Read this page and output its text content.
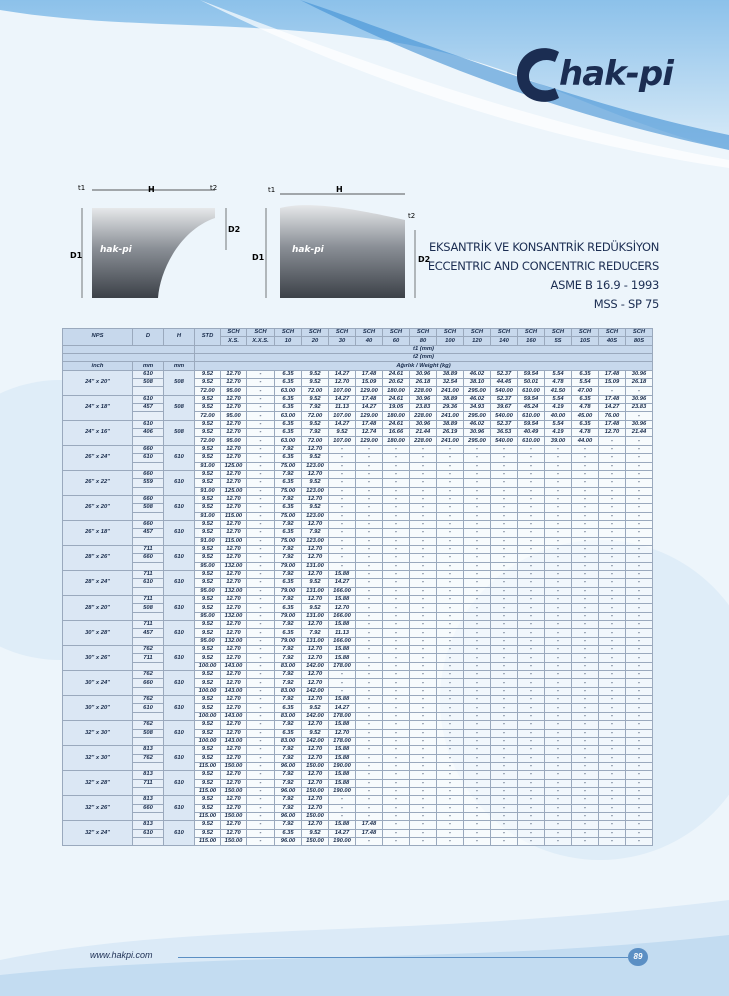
hak-pi
H
t1	t2
D1
D2
hak-pi
H
t1
t2
D1	D2
hak-pi	EKSANTRİK VE KONSANTRİK REDÜKSİYON
ECCENTRIC AND CONCENTRIC REDUCERS
ASME B 16.9 - 1993
MSS - SP 75
NPS	D	H	STD	SCH	SCH	SCH	SCH	SCH	SCH	SCH	SCH	SCH	SCH	SCH	SCH	SCH	SCH	SCH	SCH
				X.S.	X.X.S.	10	20	30	40	60	80	100	120	140	160	5S	10S	40S	80S
			t1 (mm)																
			t2 (mm)																
inch	mm	mm	Ağırlık / Weight (kg)																
24" x 20"	610	508	9.52	12.70	-	6.35	9.52	14.27	17.48	24.61	30.96	38.89	46.02	52.37	59.54	5.54	6.35	17.48	30.96
	508		9.52	12.70	-	6.35	9.52	12.70	15.09	20.62	26.18	32.54	38.10	44.45	50.01	4.78	5.54	15.09	26.18
			72.00	95.00	-	63.00	72.00	107.00	129.00	180.00	228.00	241.00	295.00	540.00	610.00	41.50	47.00	-	-
24" x 18"	610	508	9.52	12.70	-	6.35	9.52	14.27	17.48	24.61	30.96	38.89	46.02	52.37	59.54	5.54	6.35	17.48	30.96
	457		9.52	12.70	-	6.35	7.92	11.13	14.27	19.05	23.83	29.36	34.93	39.67	45.24	4.19	4.78	14.27	23.83
			72.00	95.00	-	63.00	72.00	107.00	129.00	180.00	228.00	241.00	295.00	540.00	610.00	40.00	45.00	76.00	-
24" x 16"	610	508	9.52	12.70	-	6.35	9.52	14.27	17.48	24.61	30.96	38.89	46.02	52.37	59.54	5.54	6.35	17.48	30.96
	406		9.52	12.70	-	6.35	7.92	9.52	12.74	16.66	21.44	26.19	30.96	36.53	40.49	4.19	4.78	12.70	21.44
			72.00	95.00	-	63.00	72.00	107.00	129.00	180.00	228.00	241.00	295.00	540.00	610.00	39.00	44.00	-	-
26" x 24"	660	610	9.52	12.70	-	7.92	12.70	-	-	-	-	-	-	-	-	-	-	-	-
	610		9.52	12.70	-	6.35	9.52	-	-	-	-	-	-	-	-	-	-	-	-
			91.00	125.00	-	75.00	123.00	-	-	-	-	-	-	-	-	-	-	-	-
26" x 22"	660	610	9.52	12.70	-	7.92	12.70	-	-	-	-	-	-	-	-	-	-	-	-
	559		9.52	12.70	-	6.35	9.52	-	-	-	-	-	-	-	-	-	-	-	-
			91.00	125.00	-	75.00	123.00	-	-	-	-	-	-	-	-	-	-	-	-
26" x 20"	660	610	9.52	12.70	-	7.92	12.70	-	-	-	-	-	-	-	-	-	-	-	-
	508		9.52	12.70	-	6.35	9.52	-	-	-	-	-	-	-	-	-	-	-	-
			91.00	115.00	-	75.00	123.00	-	-	-	-	-	-	-	-	-	-	-	-
26" x 18"	660	610	9.52	12.70	-	7.92	12.70	-	-	-	-	-	-	-	-	-	-	-	-
	457		9.52	12.70	-	6.35	7.92	-	-	-	-	-	-	-	-	-	-	-	-
			91.00	115.00	-	75.00	123.00	-	-	-	-	-	-	-	-	-	-	-	-
28" x 26"	711	610	9.52	12.70	-	7.92	12.70	-	-	-	-	-	-	-	-	-	-	-	-
	660		9.52	12.70	-	7.92	12.70	-	-	-	-	-	-	-	-	-	-	-	-
			95.00	132.00	-	79.00	131.00	-	-	-	-	-	-	-	-	-	-	-	-
28" x 24"	711	610	9.52	12.70	-	7.92	12.70	15.88	-	-	-	-	-	-	-	-	-	-	-
	610		9.52	12.70	-	6.35	9.52	14.27	-	-	-	-	-	-	-	-	-	-	-
			95.00	132.00	-	79.00	131.00	166.00	-	-	-	-	-	-	-	-	-	-	-
28" x 20"	711	610	9.52	12.70	-	7.92	12.70	15.88	-	-	-	-	-	-	-	-	-	-	-
	508		9.52	12.70	-	6.35	9.52	12.70	-	-	-	-	-	-	-	-	-	-	-
			95.00	132.00	-	79.00	131.00	166.00	-	-	-	-	-	-	-	-	-	-	-
30" x 28"	711	610	9.52	12.70	-	7.92	12.70	15.88	-	-	-	-	-	-	-	-	-	-	-
	457		9.52	12.70	-	6.35	7.92	11.13	-	-	-	-	-	-	-	-	-	-	-
			95.00	132.00	-	79.00	131.00	166.00	-	-	-	-	-	-	-	-	-	-	-
30" x 26"	762	610	9.52	12.70	-	7.92	12.70	15.88	-	-	-	-	-	-	-	-	-	-	-
	711		9.52	12.70	-	7.92	12.70	15.88	-	-	-	-	-	-	-	-	-	-	-
			100.00	143.00	-	83.00	142.00	178.00	-	-	-	-	-	-	-	-	-	-	-
30" x 24"	762	610	9.52	12.70	-	7.92	12.70	-	-	-	-	-	-	-	-	-	-	-	-
	660		9.52	12.70	-	7.92	12.70	-	-	-	-	-	-	-	-	-	-	-	-
			100.00	143.00	-	83.00	142.00	-	-	-	-	-	-	-	-	-	-	-	-
30" x 20"	762	610	9.52	12.70	-	7.92	12.70	15.88	-	-	-	-	-	-	-	-	-	-	-
	610		9.52	12.70	-	6.35	9.52	14.27	-	-	-	-	-	-	-	-	-	-	-
			100.00	143.00	-	83.00	142.00	178.00	-	-	-	-	-	-	-	-	-	-	-
32" x 30"	762	610	9.52	12.70	-	7.92	12.70	15.88	-	-	-	-	-	-	-	-	-	-	-
	508		9.52	12.70	-	6.35	9.52	12.70	-	-	-	-	-	-	-	-	-	-	-
			100.00	143.00	-	83.00	142.00	178.00	-	-	-	-	-	-	-	-	-	-	-
32" x 30"	813	610	9.52	12.70	-	7.92	12.70	15.88	-	-	-	-	-	-	-	-	-	-	-
	762		9.52	12.70	-	7.92	12.70	15.88	-	-	-	-	-	-	-	-	-	-	-
			115.00	150.00	-	96.00	150.00	190.00	-	-	-	-	-	-	-	-	-	-	-
32" x 28"	813	610	9.52	12.70	-	7.92	12.70	15.88	-	-	-	-	-	-	-	-	-	-	-
	711		9.52	12.70	-	7.92	12.70	15.88	-	-	-	-	-	-	-	-	-	-	-
			115.00	150.00	-	96.00	150.00	190.00	-	-	-	-	-	-	-	-	-	-	-
32" x 26"	813	610	9.52	12.70	-	7.92	12.70	-	-	-	-	-	-	-	-	-	-	-	-
	660		9.52	12.70	-	7.92	12.70	-	-	-	-	-	-	-	-	-	-	-	-
			115.00	150.00	-	96.00	150.00	-	-	-	-	-	-	-	-	-	-	-	-
32" x 24"	813	610	9.52	12.70	-	7.92	12.70	15.88	17.48	-	-	-	-	-	-	-	-	-	-
	610		9.52	12.70	-	6.35	9.52	14.27	17.48	-	-	-	-	-	-	-	-	-	-
			115.00	150.00	-	96.00	150.00	190.00	-	-	-	-	-	-	-	-	-	-	-
www.hakpi.com	89
